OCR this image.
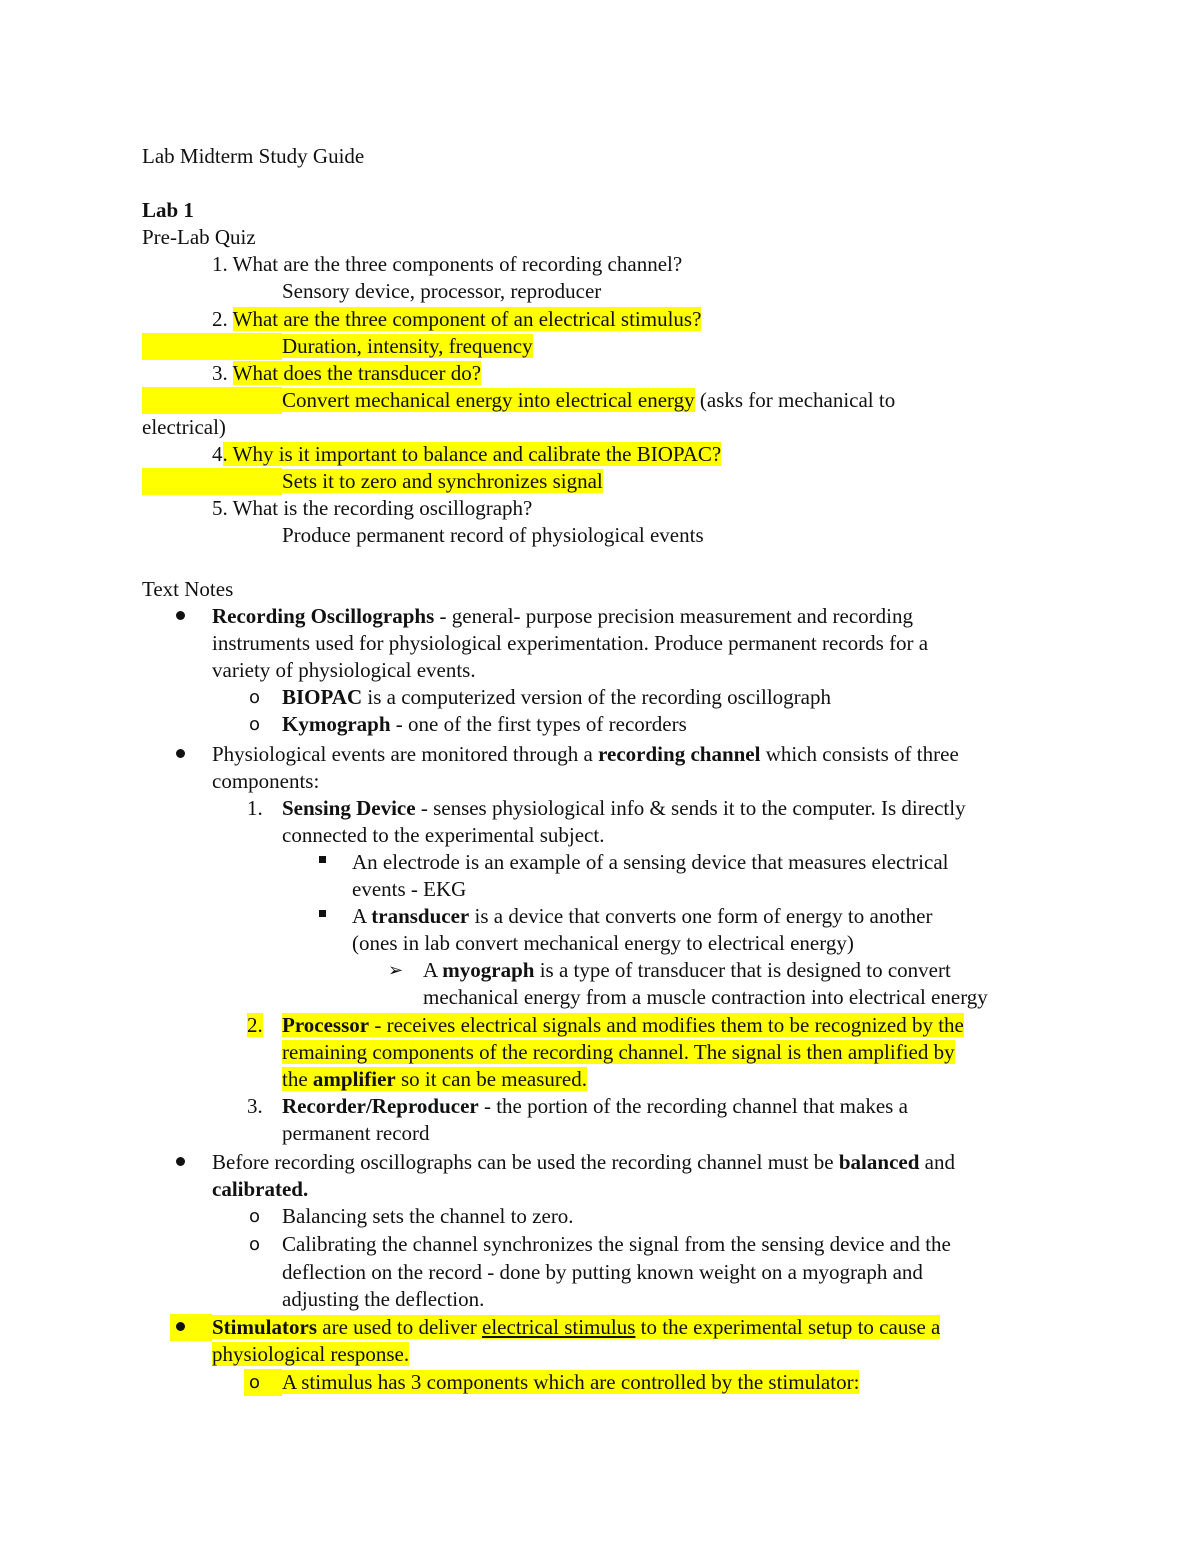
Lab Midterm Study Guide
Lab 1
Pre-Lab Quiz
1. What are the three components of recording channel?
Sensory device, processor, reproducer
2. What are the three component of an electrical stimulus?
Duration, intensity, frequency
3. What does the transducer do?
Convert mechanical energy into electrical energy (asks for mechanical to
electrical)
4. Why is it important to balance and calibrate the BIOPAC?
Sets it to zero and synchronizes signal
5. What is the recording oscillograph?
Produce permanent record of physiological events
Text Notes
Recording Oscillographs - general- purpose precision measurement and recording
instruments used for physiological experimentation. Produce permanent records for a
variety of physiological events.
o BIOPAC is a computerized version of the recording oscillograph
o Kymograph - one of the first types of recorders
Physiological events are monitored through a recording channel which consists of three
components:
1. Sensing Device - senses physiological info & sends it to the computer. Is directly
connected to the experimental subject.
An electrode is an example of a sensing device that measures electrical
events - EKG
A transducer is a device that converts one form of energy to another
(ones in lab convert mechanical energy to electrical energy)
➢ A myograph is a type of transducer that is designed to convert
mechanical energy from a muscle contraction into electrical energy
2. Processor - receives electrical signals and modifies them to be recognized by the
remaining components of the recording channel. The signal is then amplified by
the amplifier so it can be measured.
3. Recorder/Reproducer - the portion of the recording channel that makes a
permanent record
Before recording oscillographs can be used the recording channel must be balanced and
calibrated.
o Balancing sets the channel to zero.
o Calibrating the channel synchronizes the signal from the sensing device and the
deflection on the record - done by putting known weight on a myograph and
adjusting the deflection.
Stimulators are used to deliver electrical stimulus to the experimental setup to cause a
physiological response.
o A stimulus has 3 components which are controlled by the stimulator:
